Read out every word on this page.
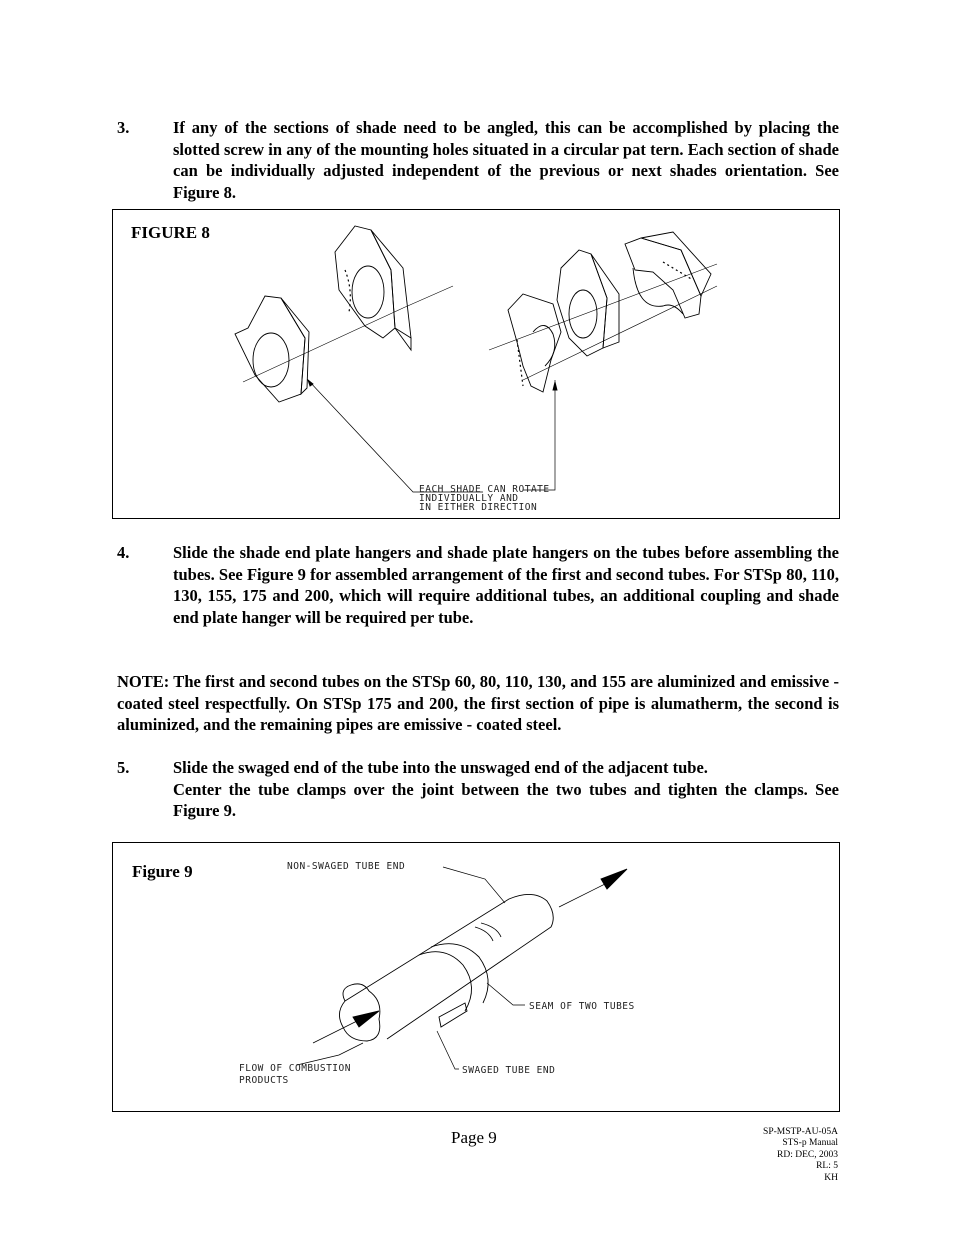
3.	If any of the sections of shade need to be angled, this can be accomplished by placing the slotted screw in any of the mounting holes situated in a circular pat tern. Each section of shade can be individually adjusted independent of the previous or next shades orientation. See Figure 8.

FIGURE 8
EACH SHADE CAN ROTATE
INDIVIDUALLY AND
IN EITHER DIRECTION
4.	Slide the shade end plate hangers and shade plate hangers on the tubes before assembling the tubes. See Figure 9 for assembled arrangement of the first and second tubes. For STSp 80, 110, 130, 155, 175 and 200, which will require additional tubes, an additional coupling and shade end plate hanger will be required per tube.

NOTE: The first and second tubes on the STSp 60, 80, 110, 130, and 155 are aluminized and emissive - coated steel respectfully. On STSp 175 and 200, the first section of pipe is alumatherm, the second is aluminized, and the remaining pipes are emissive - coated steel.
5.	Slide the swaged end of the tube into the unswaged end of the adjacent tube.

Center the tube clamps over the joint between the two tubes and tighten the clamps. See Figure 9.

Figure 9	NON-SWAGED TUBE END
SEAM OF TWO TUBES
SWAGED TUBE END
FLOW OF COMBUSTION
PRODUCTS
Page 9	SP-MSTP-AU-05A
STS-p Manual
RD: DEC, 2003
RL: 5
KH
